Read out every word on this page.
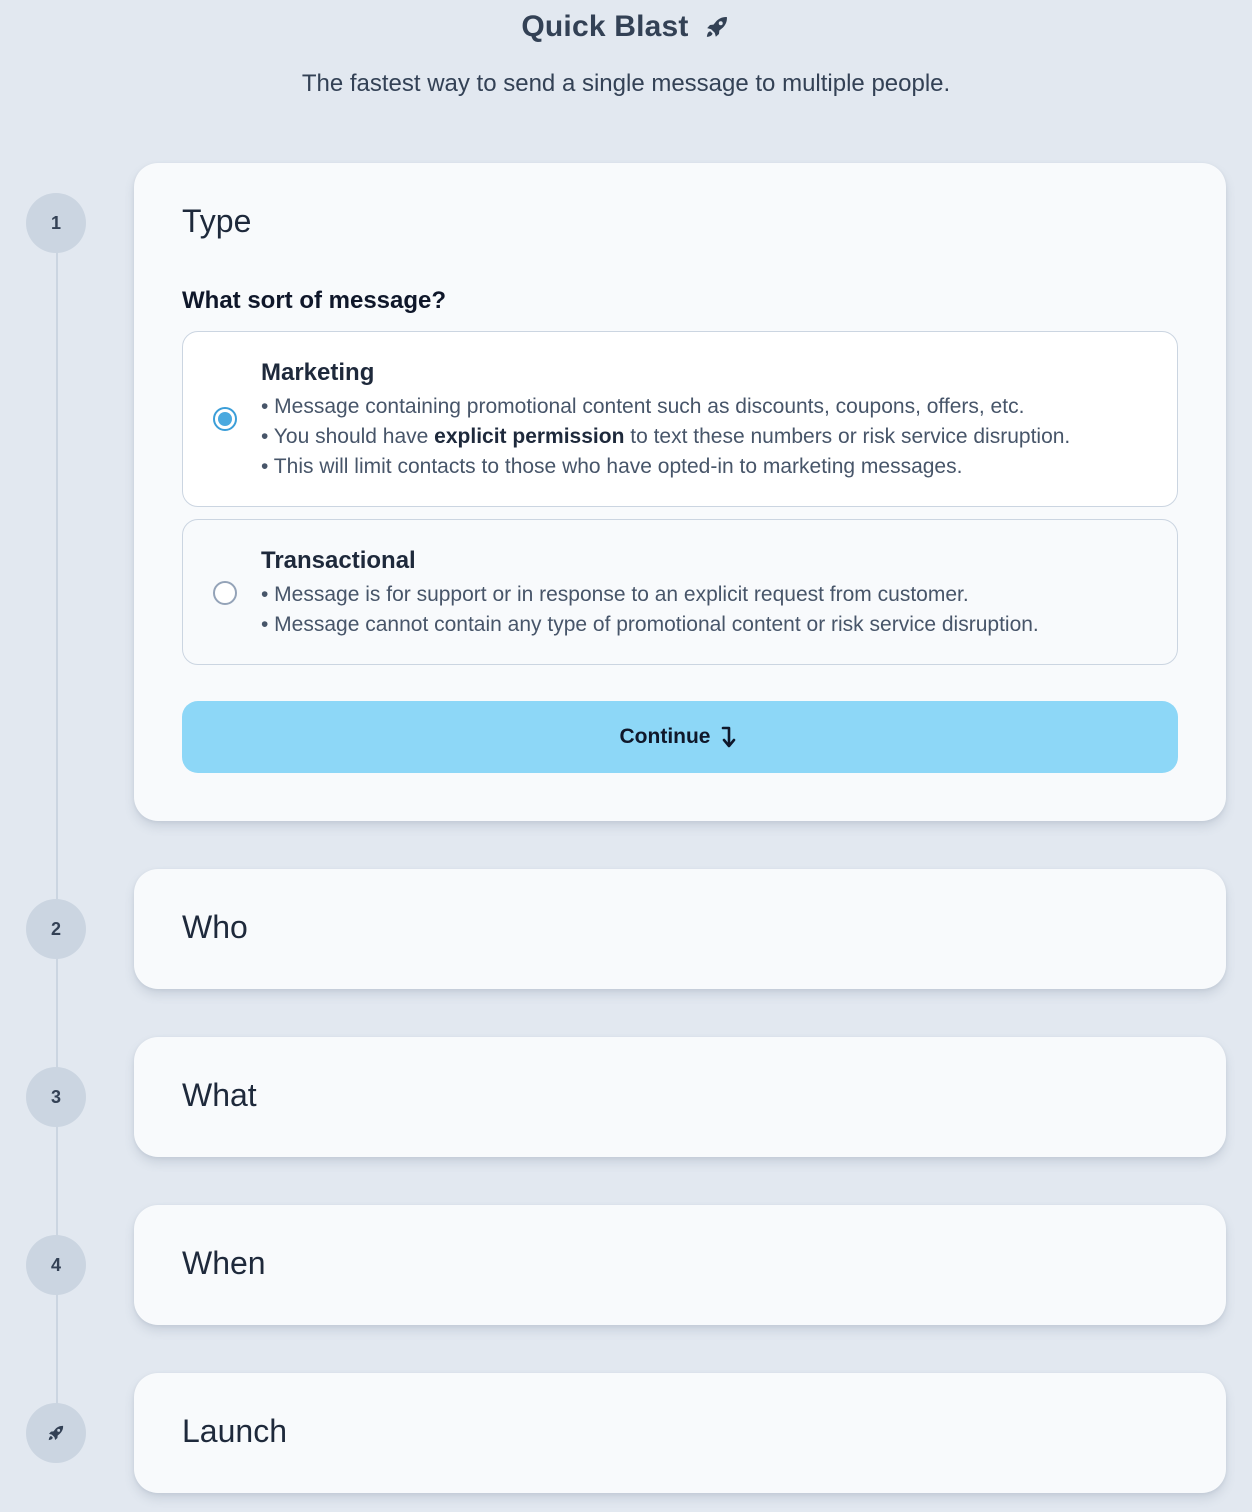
Quick Blast
The fastest way to send a single message to multiple people.
1
2
3
4
Type
What sort of message?
Marketing
• Message containing promotional content such as discounts, coupons, offers, etc.
• You should have explicit permission to text these numbers or risk service disruption.
• This will limit contacts to those who have opted-in to marketing messages.
Transactional
• Message is for support or in response to an explicit request from customer.
• Message cannot contain any type of promotional content or risk service disruption.
Continue
Who
What
When
Launch
